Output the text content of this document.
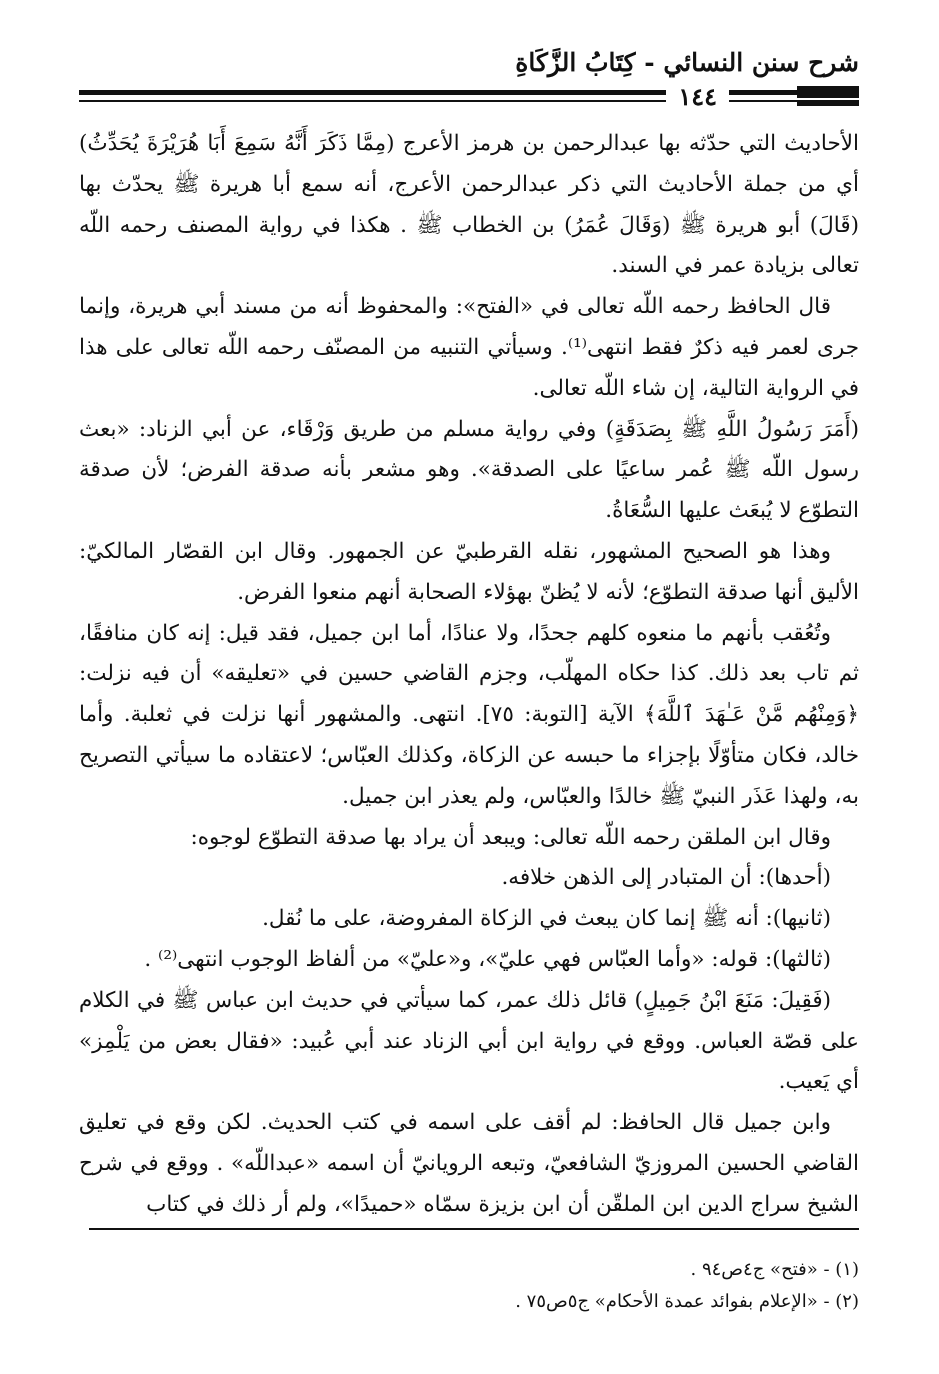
شرح سنن النسائي - كِتَابُ الزَّكَاةِ
١٤٤

الأحاديث التي حدّثه بها عبدالرحمن بن هرمز الأعرج (مِمَّا ذَكَرَ أَنَّهُ سَمِعَ أَبَا هُرَيْرَةَ يُحَدِّثُ) أي من جملة الأحاديث التي ذكر عبدالرحمن الأعرج، أنه سمع أبا هريرة ﷺ يحدّث بها (قَالَ) أبو هريرة ﷺ (وَقَالَ عُمَرُ) بن الخطاب ﷺ . هكذا في رواية المصنف رحمه اللّه تعالى بزيادة عمر في السند.

قال الحافظ رحمه اللّه تعالى في «الفتح»: والمحفوظ أنه من مسند أبي هريرة، وإنما جرى لعمر فيه ذكرٌ فقط انتهى⁽¹⁾. وسيأتي التنبيه من المصنّف رحمه اللّه تعالى على هذا في الرواية التالية، إن شاء اللّه تعالى.

(أَمَرَ رَسُولُ اللَّهِ ﷺ بِصَدَقَةٍ) وفي رواية مسلم من طريق وَرْقَاء، عن أبي الزناد: «بعث رسول اللّه ﷺ عُمر ساعيًا على الصدقة». وهو مشعر بأنه صدقة الفرض؛ لأن صدقة التطوّع لا يُبعَث عليها السُّعَاةُ.

وهذا هو الصحيح المشهور، نقله القرطبيّ عن الجمهور. وقال ابن القصّار المالكيّ: الأليق أنها صدقة التطوّع؛ لأنه لا يُظنّ بهؤلاء الصحابة أنهم منعوا الفرض.

وتُعُقب بأنهم ما منعوه كلهم جحدًا، ولا عنادًا، أما ابن جميل، فقد قيل: إنه كان منافقًا، ثم تاب بعد ذلك. كذا حكاه المهلّب، وجزم القاضي حسين في «تعليقه» أن فيه نزلت: ﴿وَمِنْهُم مَّنْ عَـٰهَدَ ٱللَّهَ﴾ الآية [التوبة: ٧٥]. انتهى. والمشهور أنها نزلت في ثعلبة. وأما خالد، فكان متأوّلًا بإجزاء ما حبسه عن الزكاة، وكذلك العبّاس؛ لاعتقاده ما سيأتي التصريح به، ولهذا عَذَر النبيّ ﷺ خالدًا والعبّاس، ولم يعذر ابن جميل.

وقال ابن الملقن رحمه اللّه تعالى: ويبعد أن يراد بها صدقة التطوّع لوجوه:

(أحدها): أن المتبادر إلى الذهن خلافه.

(ثانيها): أنه ﷺ إنما كان يبعث في الزكاة المفروضة، على ما نُقل.

(ثالثها): قوله: «وأما العبّاس فهي عليّ»، و«عليّ» من ألفاظ الوجوب انتهى⁽²⁾ .

(فَقِيلَ: مَنَعَ ابْنُ جَمِيلٍ) قائل ذلك عمر، كما سيأتي في حديث ابن عباس ﷺ في الكلام على قصّة العباس. ووقع في رواية ابن أبي الزناد عند أبي عُبيد: «فقال بعض من يَلْمِز» أي يَعيب.

وابن جميل قال الحافظ: لم أقف على اسمه في كتب الحديث. لكن وقع في تعليق القاضي الحسين المروزيّ الشافعيّ، وتبعه الرويانيّ أن اسمه «عبداللّه» . ووقع في شرح الشيخ سراج الدين ابن الملقّن أن ابن بزيزة سمّاه «حميدًا»، ولم أر ذلك في كتاب

(١) - «فتح» ج٤ص٩٤ .

(٢) - «الإعلام بفوائد عمدة الأحكام» ج٥ص٧٥ .
